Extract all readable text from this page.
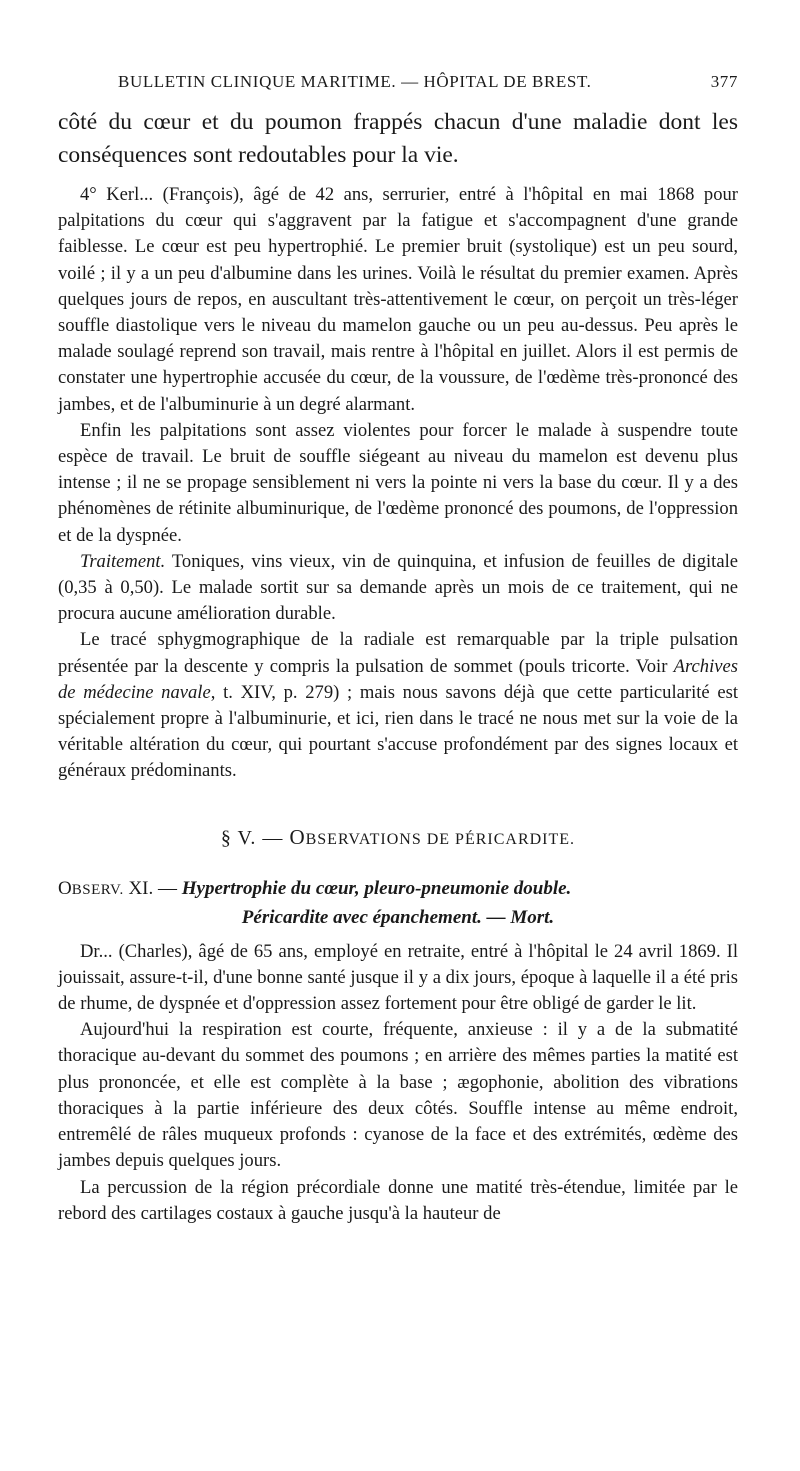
BULLETIN CLINIQUE MARITIME. — HÔPITAL DE BREST.	377

côté du cœur et du poumon frappés chacun d'une maladie dont les conséquences sont redoutables pour la vie.

4° Kerl... (François), âgé de 42 ans, serrurier, entré à l'hôpital en mai 1868 pour palpitations du cœur qui s'aggravent par la fatigue et s'accompagnent d'une grande faiblesse. Le cœur est peu hypertrophié. Le premier bruit (systolique) est un peu sourd, voilé ; il y a un peu d'albumine dans les urines. Voilà le résultat du premier examen. Après quelques jours de repos, en auscultant très-attentivement le cœur, on perçoit un très-léger souffle diastolique vers le niveau du mamelon gauche ou un peu au-dessus. Peu après le malade soulagé reprend son travail, mais rentre à l'hôpital en juillet. Alors il est permis de constater une hypertrophie accusée du cœur, de la voussure, de l'œdème très-prononcé des jambes, et de l'albuminurie à un degré alarmant.

Enfin les palpitations sont assez violentes pour forcer le malade à suspendre toute espèce de travail. Le bruit de souffle siégeant au niveau du mamelon est devenu plus intense ; il ne se propage sensiblement ni vers la pointe ni vers la base du cœur. Il y a des phénomènes de rétinite albuminurique, de l'œdème prononcé des poumons, de l'oppression et de la dyspnée.

Traitement. Toniques, vins vieux, vin de quinquina, et infusion de feuilles de digitale (0,35 à 0,50). Le malade sortit sur sa demande après un mois de ce traitement, qui ne procura aucune amélioration durable.

Le tracé sphygmographique de la radiale est remarquable par la triple pulsation présentée par la descente y compris la pulsation de sommet (pouls tricorte. Voir Archives de médecine navale, t. XIV, p. 279) ; mais nous savons déjà que cette particularité est spécialement propre à l'albuminurie, et ici, rien dans le tracé ne nous met sur la voie de la véritable altération du cœur, qui pourtant s'accuse profondément par des signes locaux et généraux prédominants.

§ V. — OBSERVATIONS DE PÉRICARDITE.

OBSERV. XI. — Hypertrophie du cœur, pleuro-pneumonie double.

Péricardite avec épanchement. — Mort.

Dr... (Charles), âgé de 65 ans, employé en retraite, entré à l'hôpital le 24 avril 1869. Il jouissait, assure-t-il, d'une bonne santé jusque il y a dix jours, époque à laquelle il a été pris de rhume, de dyspnée et d'oppression assez fortement pour être obligé de garder le lit.

Aujourd'hui la respiration est courte, fréquente, anxieuse : il y a de la submatité thoracique au-devant du sommet des poumons ; en arrière des mêmes parties la matité est plus prononcée, et elle est complète à la base ; ægophonie, abolition des vibrations thoraciques à la partie inférieure des deux côtés. Souffle intense au même endroit, entremêlé de râles muqueux profonds : cyanose de la face et des extrémités, œdème des jambes depuis quelques jours.

La percussion de la région précordiale donne une matité très-étendue, limitée par le rebord des cartilages costaux à gauche jusqu'à la hauteur de
